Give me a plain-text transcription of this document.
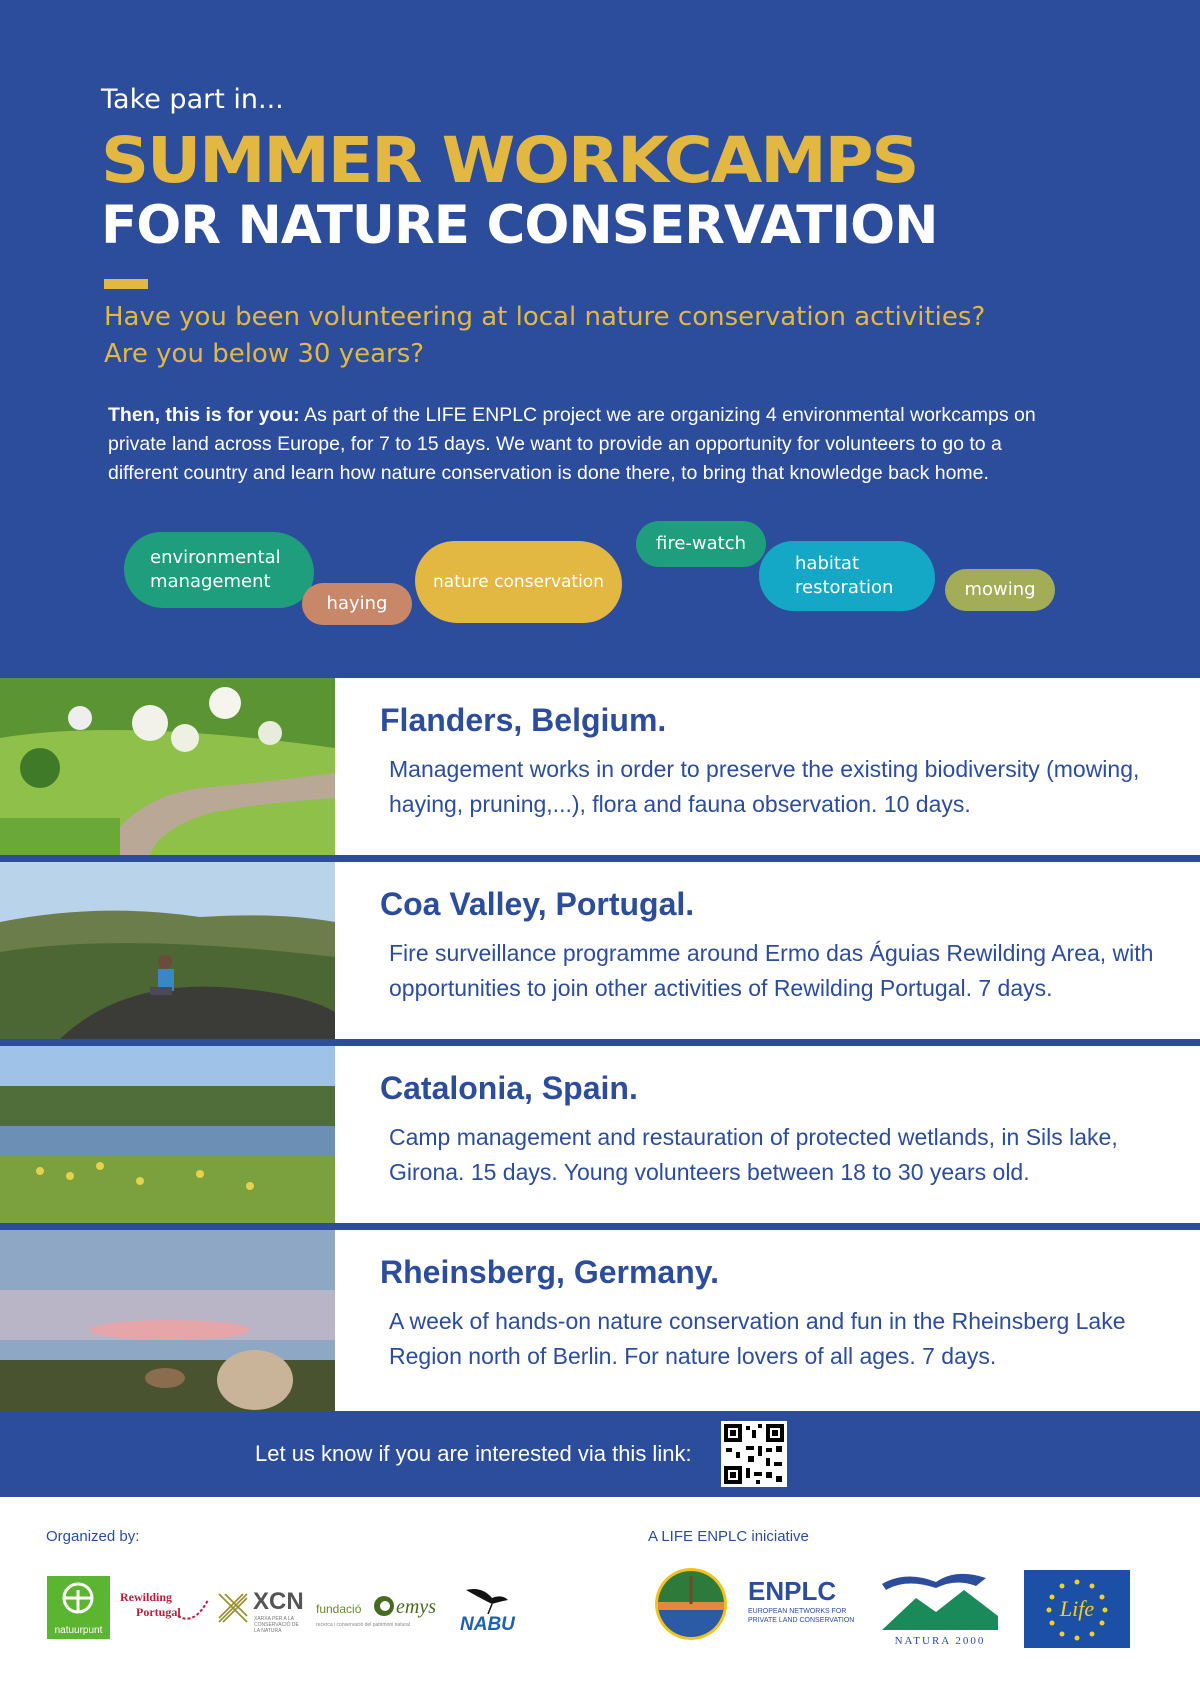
Take part in...
SUMMER WORKCAMPS
FOR NATURE CONSERVATION
Have you been volunteering at local nature conservation activities?
Are you below 30 years?
Then, this is for you: As part of the LIFE ENPLC project we are organizing 4 environmental workcamps on private land across Europe, for 7 to 15 days. We want to provide an opportunity for volunteers to go to a different country and learn how nature conservation is done there, to bring that knowledge back home.
environmental management
haying
nature conservation
fire-watch
habitat restoration	mowing
Flanders, Belgium.
Management works in order to preserve the existing biodiversity (mowing, haying, pruning,...), flora and fauna observation. 10 days.
Coa Valley, Portugal.
Fire surveillance programme around Ermo das Águias Rewilding Area, with opportunities to join other activities of Rewilding Portugal. 7 days.
Catalonia, Spain.
Camp management and restauration of protected wetlands, in Sils lake, Girona. 15 days. Young volunteers between 18 to 30 years old.
Rheinsberg, Germany.
A week of hands-on nature conservation and fun in the Rheinsberg Lake Region north of Berlin. For nature lovers of all ages. 7 days.
Let us know if you are interested via this link:
Organized by:	A LIFE ENPLC iniciative
natuurpunt
Rewilding
Portugal	XCN
XARXA PER A LA CONSERVACIÓ DE LA NATURA
fundació emys
recerca i conservació del patrimoni natural	NABU
ENPLC
EUROPEAN NETWORKS FOR
PRIVATE LAND CONSERVATION
NATURA 2000
Life
